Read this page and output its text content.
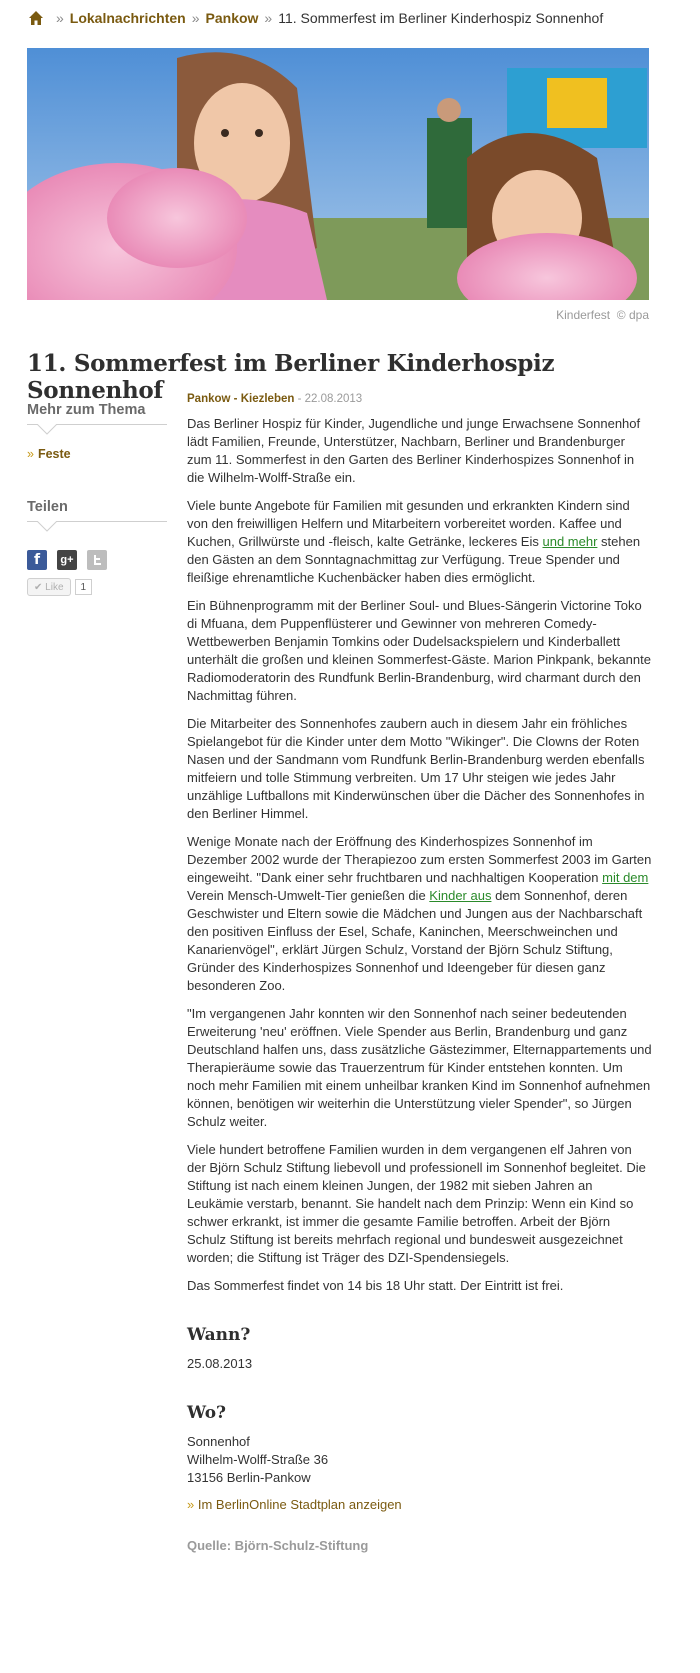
» Lokalnachrichten » Pankow » 11. Sommerfest im Berliner Kinderhospiz Sonnenhof
Kinderfest © dpa
11. Sommerfest im Berliner Kinderhospiz Sonnenhof
Mehr zum Thema
» Feste
Teilen
f	g+
✔ Like	1
Pankow - Kiezleben - 22.08.2013

Das Berliner Hospiz für Kinder, Jugendliche und junge Erwachsene Sonnenhof lädt Familien, Freunde, Unterstützer, Nachbarn, Berliner und Brandenburger zum 11. Sommerfest in den Garten des Berliner Kinderhospizes Sonnenhof in die Wilhelm-Wolff-Straße ein.

Viele bunte Angebote für Familien mit gesunden und erkrankten Kindern sind von den freiwilligen Helfern und Mitarbeitern vorbereitet worden. Kaffee und Kuchen, Grillwürste und -fleisch, kalte Getränke, leckeres Eis und mehr stehen den Gästen an dem Sonntagnachmittag zur Verfügung. Treue Spender und fleißige ehrenamtliche Kuchenbäcker haben dies ermöglicht.

Ein Bühnenprogramm mit der Berliner Soul- und Blues-Sängerin Victorine Toko di Mfuana, dem Puppenflüsterer und Gewinner von mehreren Comedy-Wettbewerben Benjamin Tomkins oder Dudelsackspielern und Kinderballett unterhält die großen und kleinen Sommerfest-Gäste. Marion Pinkpank, bekannte Radiomoderatorin des Rundfunk Berlin-Brandenburg, wird charmant durch den Nachmittag führen.

Die Mitarbeiter des Sonnenhofes zaubern auch in diesem Jahr ein fröhliches Spielangebot für die Kinder unter dem Motto "Wikinger". Die Clowns der Roten Nasen und der Sandmann vom Rundfunk Berlin-Brandenburg werden ebenfalls mitfeiern und tolle Stimmung verbreiten. Um 17 Uhr steigen wie jedes Jahr unzählige Luftballons mit Kinderwünschen über die Dächer des Sonnenhofes in den Berliner Himmel.

Wenige Monate nach der Eröffnung des Kinderhospizes Sonnenhof im Dezember 2002 wurde der Therapiezoo zum ersten Sommerfest 2003 im Garten eingeweiht. "Dank einer sehr fruchtbaren und nachhaltigen Kooperation mit dem Verein Mensch-Umwelt-Tier genießen die Kinder aus dem Sonnenhof, deren Geschwister und Eltern sowie die Mädchen und Jungen aus der Nachbarschaft den positiven Einfluss der Esel, Schafe, Kaninchen, Meerschweinchen und Kanarienvögel", erklärt Jürgen Schulz, Vorstand der Björn Schulz Stiftung, Gründer des Kinderhospizes Sonnenhof und Ideengeber für diesen ganz besonderen Zoo.

"Im vergangenen Jahr konnten wir den Sonnenhof nach seiner bedeutenden Erweiterung 'neu' eröffnen. Viele Spender aus Berlin, Brandenburg und ganz Deutschland halfen uns, dass zusätzliche Gästezimmer, Elternappartements und Therapieräume sowie das Trauerzentrum für Kinder entstehen konnten. Um noch mehr Familien mit einem unheilbar kranken Kind im Sonnenhof aufnehmen können, benötigen wir weiterhin die Unterstützung vieler Spender", so Jürgen Schulz weiter.

Viele hundert betroffene Familien wurden in dem vergangenen elf Jahren von der Björn Schulz Stiftung liebevoll und professionell im Sonnenhof begleitet. Die Stiftung ist nach einem kleinen Jungen, der 1982 mit sieben Jahren an Leukämie verstarb, benannt. Sie handelt nach dem Prinzip: Wenn ein Kind so schwer erkrankt, ist immer die gesamte Familie betroffen. Arbeit der Björn Schulz Stiftung ist bereits mehrfach regional und bundesweit ausgezeichnet worden; die Stiftung ist Träger des DZI-Spendensiegels.

Das Sommerfest findet von 14 bis 18 Uhr statt. Der Eintritt ist frei.

Wann?
25.08.2013
Wo?
Sonnenhof
Wilhelm-Wolff-Straße 36
13156 Berlin-Pankow
» Im BerlinOnline Stadtplan anzeigen
Quelle: Björn-Schulz-Stiftung
